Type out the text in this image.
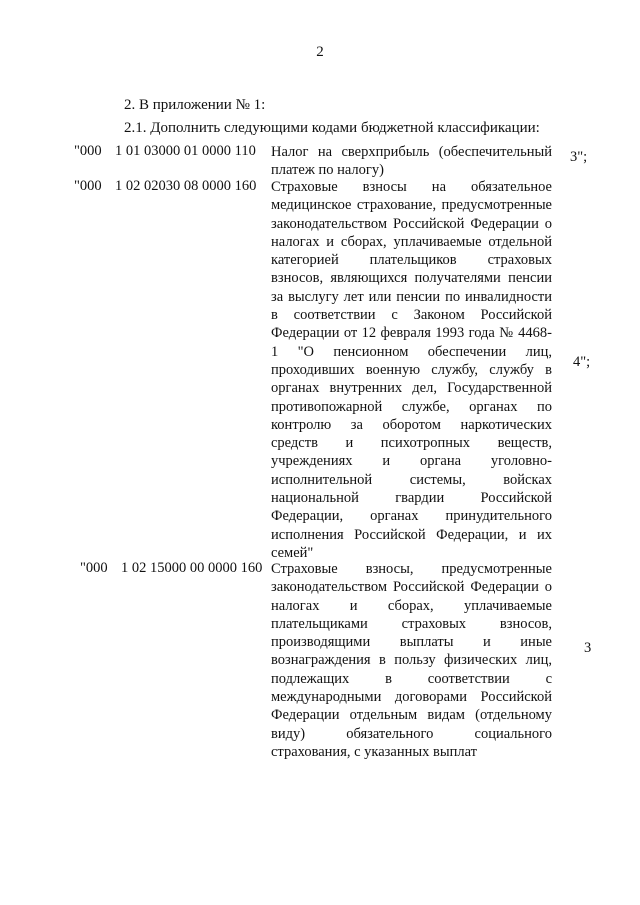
2
2. В приложении № 1:
2.1. Дополнить следующими кодами бюджетной классификации:
"000 1 01 03000 01 0000 110 Налог на сверхприбыль (обеспечительный платеж по налогу)
3";
"000 1 02 02030 08 0000 160 Страховые взносы на обязательное медицинское страхование, предусмотренные законодательством Российской Федерации о налогах и сборах, уплачиваемые отдельной категорией плательщиков страховых взносов, являющихся получателями пенсии за выслугу лет или пенсии по инвалидности в соответствии с Законом Российской Федерации от 12 февраля 1993 года № 4468-1 "О пенсионном обеспечении лиц, проходивших военную службу, службу в органах внутренних дел, Государственной противопожарной службе, органах по контролю за оборотом наркотических средств и психотропных веществ, учреждениях и органа уголовно-исполнительной системы, войсках национальной гвардии Российской Федерации, органах принудительного исполнения Российской Федерации, и их семей"
4";
"000 1 02 15000 00 0000 160 Страховые взносы, предусмотренные законодательством Российской Федерации о налогах и сборах, уплачиваемые плательщиками страховых взносов, производящими выплаты и иные вознаграждения в пользу физических лиц, подлежащих в соответствии с международными договорами Российской Федерации отдельным видам (отдельному виду) обязательного социального страхования, с указанных выплат
3
